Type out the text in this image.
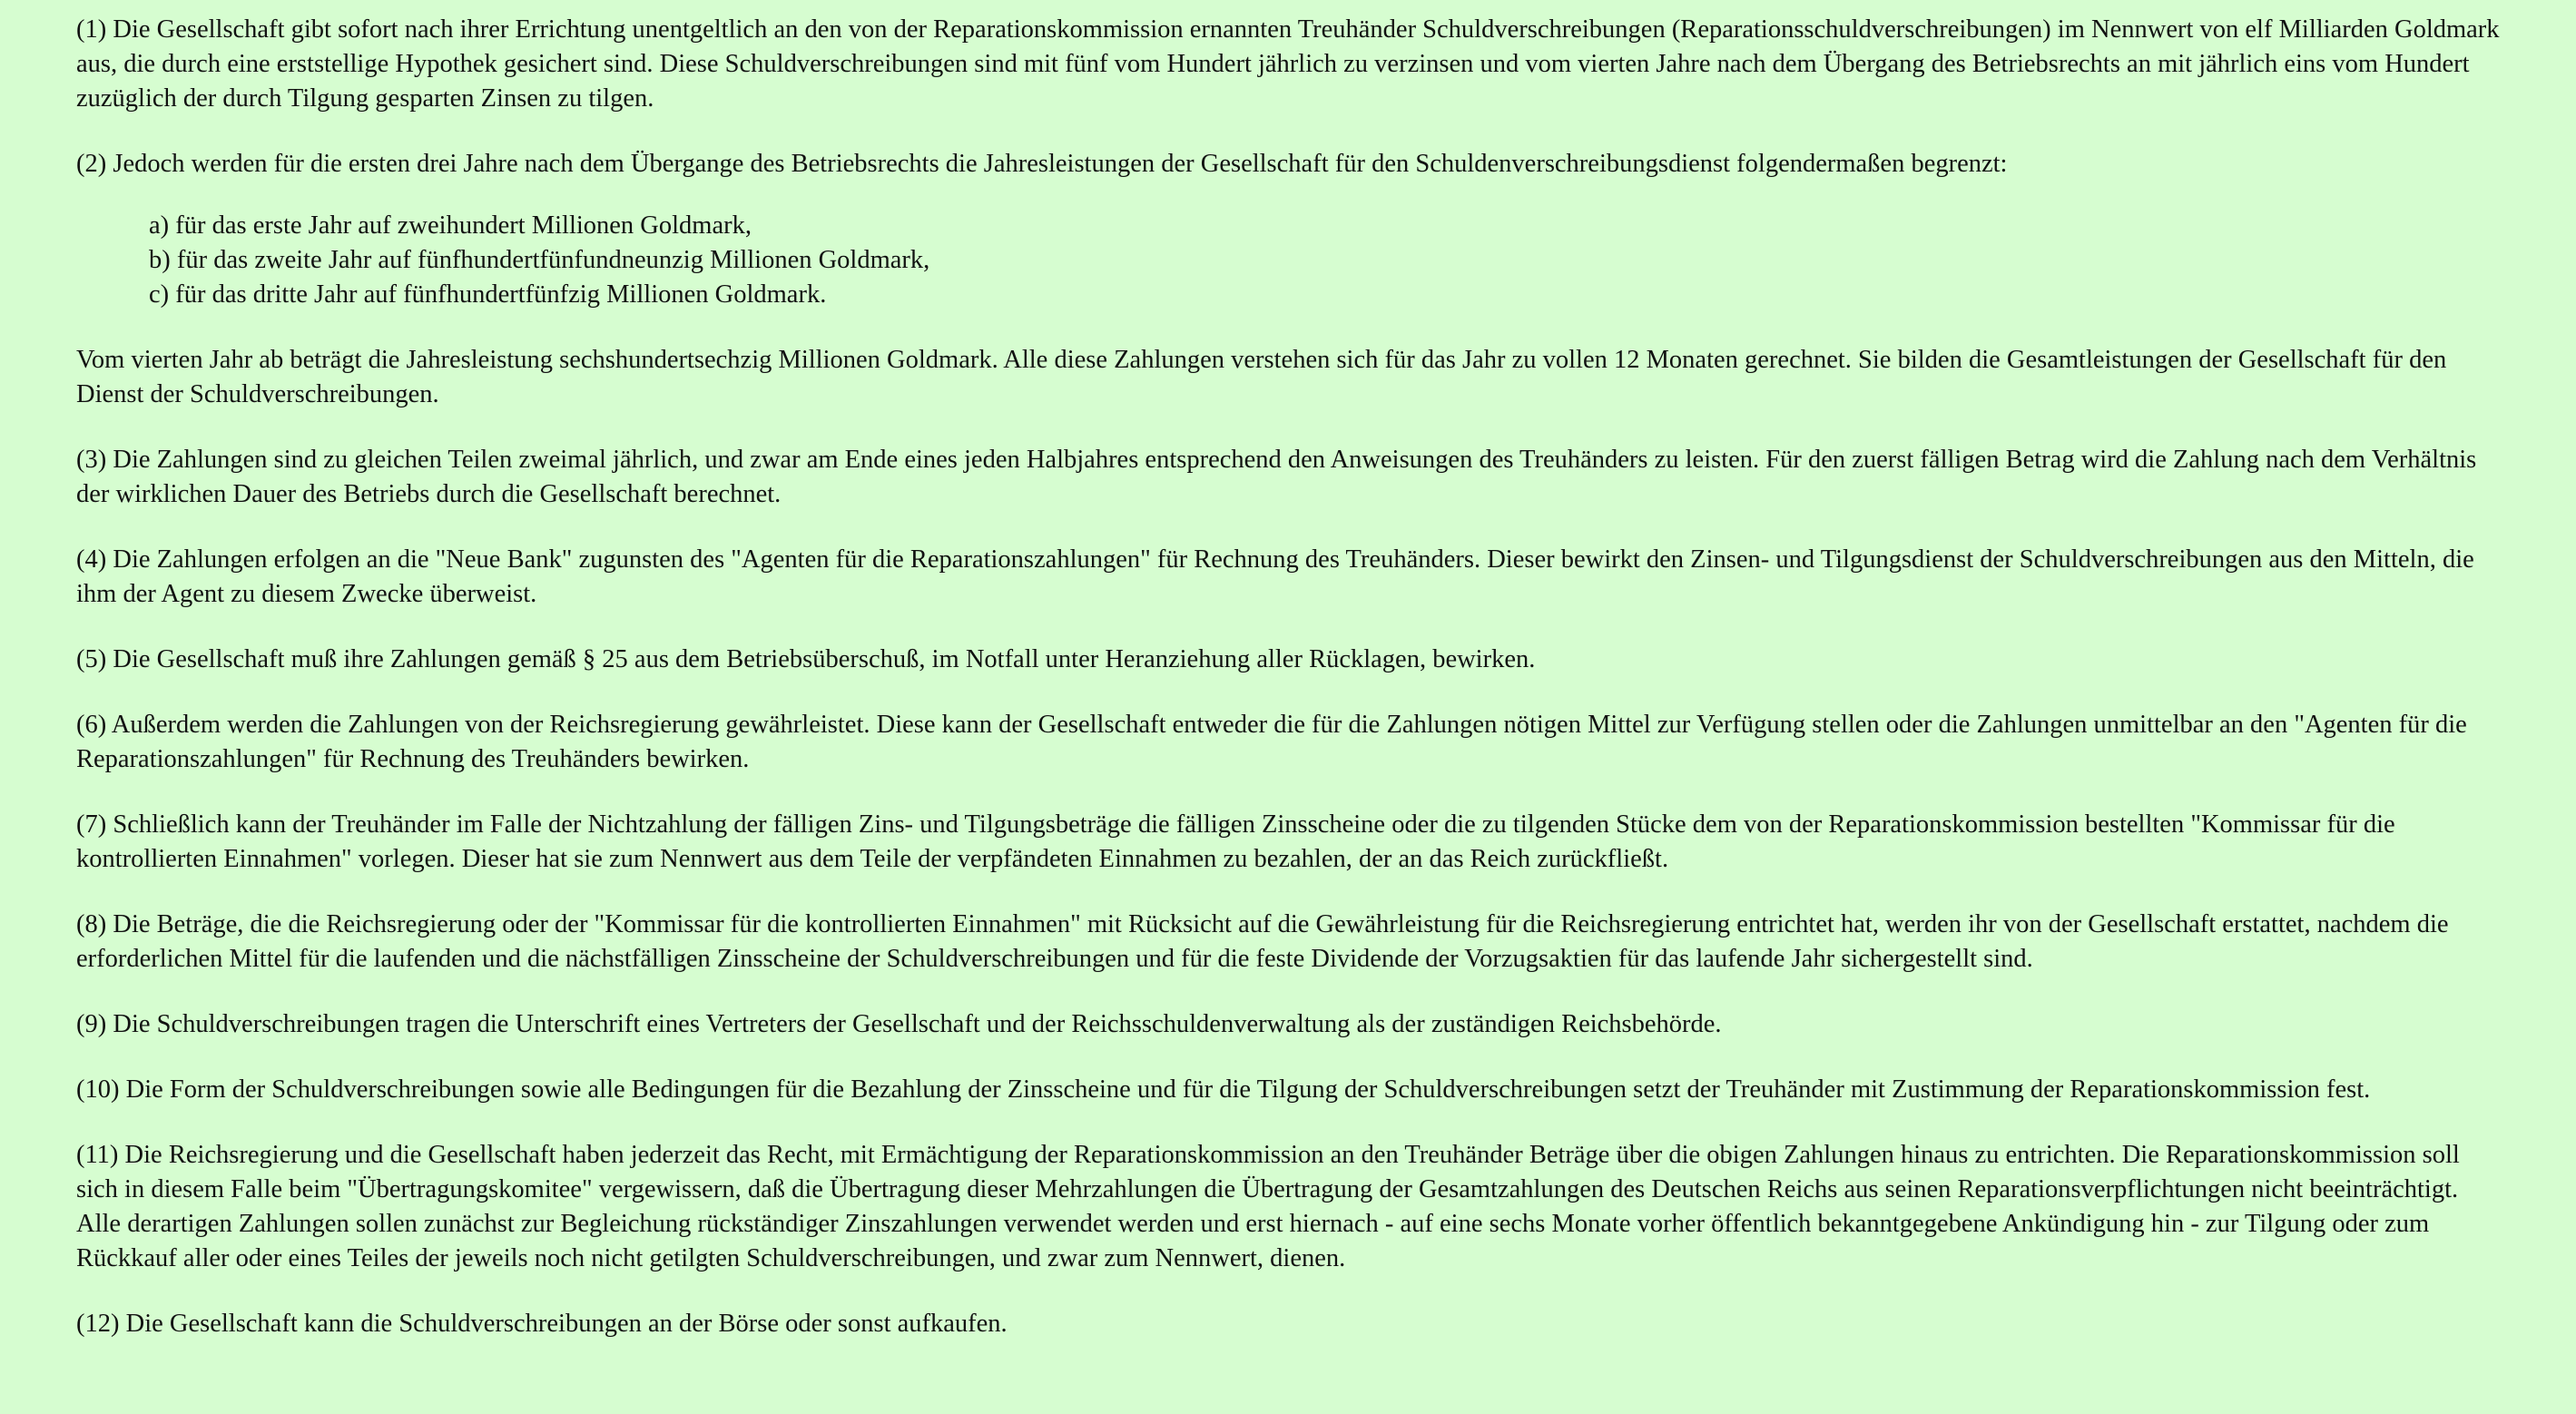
(1) Die Gesellschaft gibt sofort nach ihrer Errichtung unentgeltlich an den von der Reparationskommission ernannten Treuhänder Schuldverschreibungen (Reparationsschuldverschreibungen) im Nennwert von elf Milliarden Goldmark aus, die durch eine erststellige Hypothek gesichert sind. Diese Schuldverschreibungen sind mit fünf vom Hundert jährlich zu verzinsen und vom vierten Jahre nach dem Übergang des Betriebsrechts an mit jährlich eins vom Hundert zuzüglich der durch Tilgung gesparten Zinsen zu tilgen.

(2) Jedoch werden für die ersten drei Jahre nach dem Übergange des Betriebsrechts die Jahresleistungen der Gesellschaft für den Schuldenverschreibungsdienst folgendermaßen begrenzt:

a) für das erste Jahr auf zweihundert Millionen Goldmark,
b) für das zweite Jahr auf fünfhundertfünfundneunzig Millionen Goldmark,
c) für das dritte Jahr auf fünfhundertfünfzig Millionen Goldmark.

Vom vierten Jahr ab beträgt die Jahresleistung sechshundertsechzig Millionen Goldmark. Alle diese Zahlungen verstehen sich für das Jahr zu vollen 12 Monaten gerechnet. Sie bilden die Gesamtleistungen der Gesellschaft für den Dienst der Schuldverschreibungen.

(3) Die Zahlungen sind zu gleichen Teilen zweimal jährlich, und zwar am Ende eines jeden Halbjahres entsprechend den Anweisungen des Treuhänders zu leisten. Für den zuerst fälligen Betrag wird die Zahlung nach dem Verhältnis der wirklichen Dauer des Betriebs durch die Gesellschaft berechnet.

(4) Die Zahlungen erfolgen an die "Neue Bank" zugunsten des "Agenten für die Reparationszahlungen" für Rechnung des Treuhänders. Dieser bewirkt den Zinsen- und Tilgungsdienst der Schuldverschreibungen aus den Mitteln, die ihm der Agent zu diesem Zwecke überweist.

(5) Die Gesellschaft muß ihre Zahlungen gemäß § 25 aus dem Betriebsüberschuß, im Notfall unter Heranziehung aller Rücklagen, bewirken.

(6) Außerdem werden die Zahlungen von der Reichsregierung gewährleistet. Diese kann der Gesellschaft entweder die für die Zahlungen nötigen Mittel zur Verfügung stellen oder die Zahlungen unmittelbar an den "Agenten für die Reparationszahlungen" für Rechnung des Treuhänders bewirken.

(7) Schließlich kann der Treuhänder im Falle der Nichtzahlung der fälligen Zins- und Tilgungsbeträge die fälligen Zinsscheine oder die zu tilgenden Stücke dem von der Reparationskommission bestellten "Kommissar für die kontrollierten Einnahmen" vorlegen. Dieser hat sie zum Nennwert aus dem Teile der verpfändeten Einnahmen zu bezahlen, der an das Reich zurückfließt.

(8) Die Beträge, die die Reichsregierung oder der "Kommissar für die kontrollierten Einnahmen" mit Rücksicht auf die Gewährleistung für die Reichsregierung entrichtet hat, werden ihr von der Gesellschaft erstattet, nachdem die erforderlichen Mittel für die laufenden und die nächstfälligen Zinsscheine der Schuldverschreibungen und für die feste Dividende der Vorzugsaktien für das laufende Jahr sichergestellt sind.

(9) Die Schuldverschreibungen tragen die Unterschrift eines Vertreters der Gesellschaft und der Reichsschuldenverwaltung als der zuständigen Reichsbehörde.

(10) Die Form der Schuldverschreibungen sowie alle Bedingungen für die Bezahlung der Zinsscheine und für die Tilgung der Schuldverschreibungen setzt der Treuhänder mit Zustimmung der Reparationskommission fest.

(11) Die Reichsregierung und die Gesellschaft haben jederzeit das Recht, mit Ermächtigung der Reparationskommission an den Treuhänder Beträge über die obigen Zahlungen hinaus zu entrichten. Die Reparationskommission soll sich in diesem Falle beim "Übertragungskomitee" vergewissern, daß die Übertragung dieser Mehrzahlungen die Übertragung der Gesamtzahlungen des Deutschen Reichs aus seinen Reparationsverpflichtungen nicht beeinträchtigt. Alle derartigen Zahlungen sollen zunächst zur Begleichung rückständiger Zinszahlungen verwendet werden und erst hiernach - auf eine sechs Monate vorher öffentlich bekanntgegebene Ankündigung hin - zur Tilgung oder zum Rückkauf aller oder eines Teiles der jeweils noch nicht getilgten Schuldverschreibungen, und zwar zum Nennwert, dienen.

(12) Die Gesellschaft kann die Schuldverschreibungen an der Börse oder sonst aufkaufen.
